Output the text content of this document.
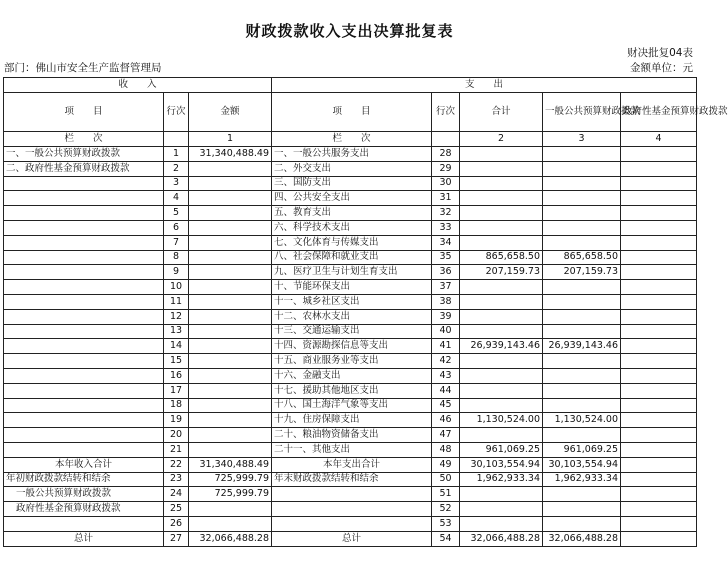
财政拨款收入支出决算批复表
财决批复04表
部门：佛山市安全生产监督管理局	金额单位：元
收　　入			支　　出				
项　　目	行次	金额	项　　目	行次	合计	一般公共预算财政拨款	政府性基金预算财政拨款
栏　　次		1	栏　　次		2	3	4
一、一般公共预算财政拨款	1	31,340,488.49	一、一般公共服务支出	28			
二、政府性基金预算财政拨款	2		二、外交支出	29			
	3		三、国防支出	30			
	4		四、公共安全支出	31			
	5		五、教育支出	32			
	6		六、科学技术支出	33			
	7		七、文化体育与传媒支出	34			
	8		八、社会保障和就业支出	35	865,658.50	865,658.50	
	9		九、医疗卫生与计划生育支出	36	207,159.73	207,159.73	
	10		十、节能环保支出	37			
	11		十一、城乡社区支出	38			
	12		十二、农林水支出	39			
	13		十三、交通运输支出	40			
	14		十四、资源勘探信息等支出	41	26,939,143.46	26,939,143.46	
	15		十五、商业服务业等支出	42			
	16		十六、金融支出	43			
	17		十七、援助其他地区支出	44			
	18		十八、国土海洋气象等支出	45			
	19		十九、住房保障支出	46	1,130,524.00	1,130,524.00	
	20		二十、粮油物资储备支出	47			
	21		二十一、其他支出	48	961,069.25	961,069.25	
本年收入合计	22	31,340,488.49	本年支出合计	49	30,103,554.94	30,103,554.94	
年初财政拨款结转和结余	23	725,999.79	年末财政拨款结转和结余	50	1,962,933.34	1,962,933.34	
一般公共预算财政拨款	24	725,999.79		51			
政府性基金预算财政拨款	25			52			
	26			53			
总计	27	32,066,488.28	总计	54	32,066,488.28	32,066,488.28	
